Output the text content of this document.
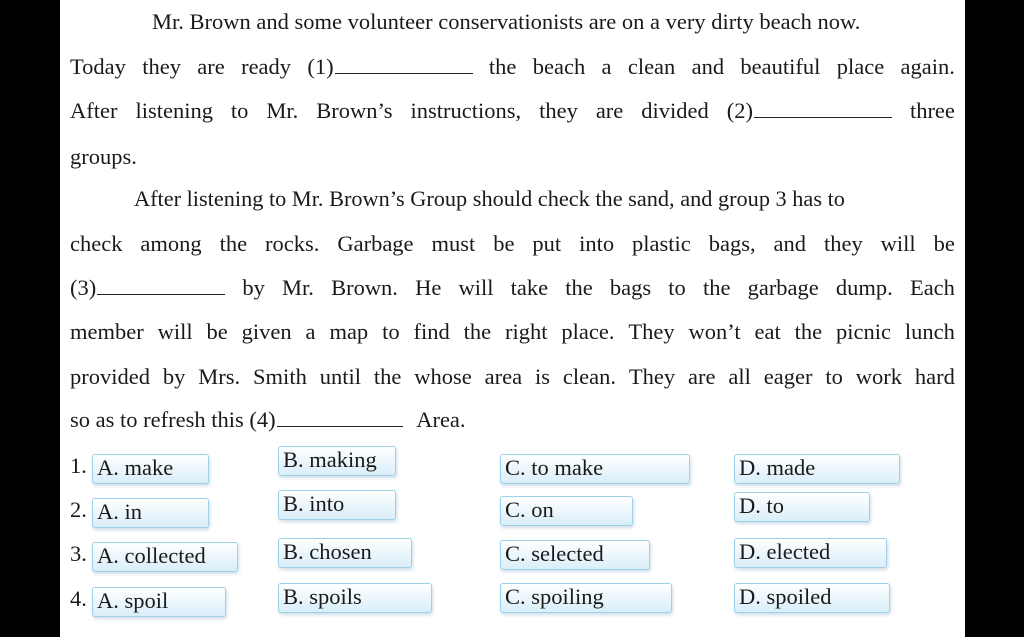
Mr. Brown and some volunteer conservationists are on a very dirty beach now.
Today they are ready (1)	the beach a clean and beautiful place again.
After listening to Mr. Brown’s instructions, they are divided (2)	three
groups.
After listening to Mr. Brown’s Group should check the sand, and group 3 has to
check among the rocks. Garbage must be put into plastic bags, and they will be
(3)	by Mr. Brown. He will take the bags to the garbage dump. Each
member will be given a map to find the right place. They won’t eat the picnic lunch
provided by Mrs. Smith until the whose area is clean. They are all eager to work hard
so as to refresh this (4)	Area.
1. A. make	B. making	C. to make	D. made
2. A. in	B. into	C. on	D. to
3. A. collected	B. chosen	C. selected	D. elected
4. A. spoil	B. spoils	C. spoiling	D. spoiled
